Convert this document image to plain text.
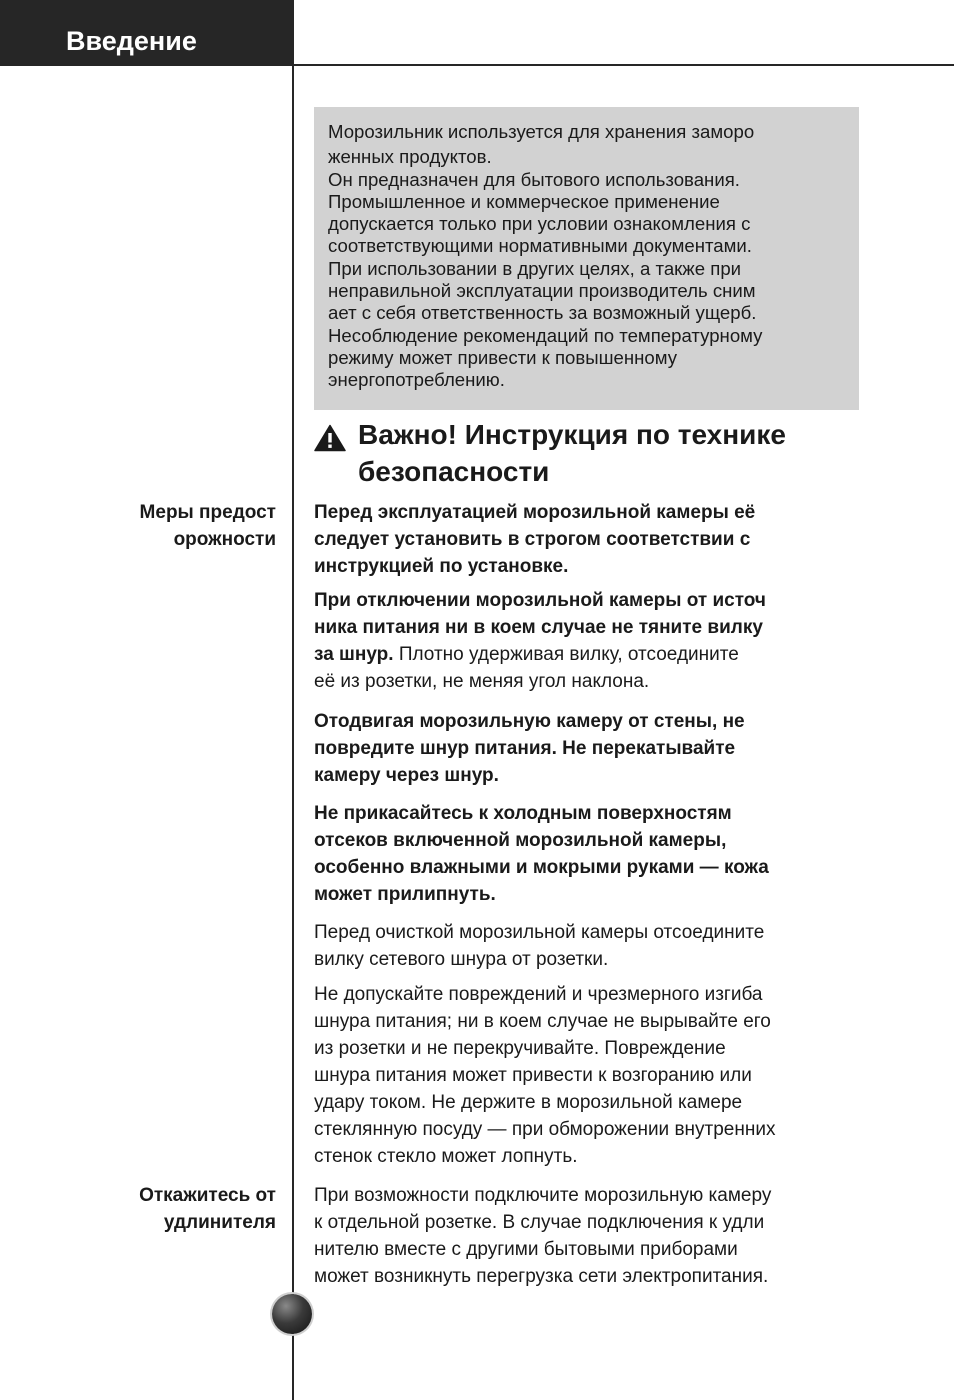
Введение
Морозильник используется для хранения заморо
женных продуктов.
Он предназначен для бытового использования.
Промышленное и коммерческое применение
допускается только при условии ознакомления с
соответствующими нормативными документами.
При использовании в других целях, а также при
неправильной эксплуатации производитель сним
ает с себя ответственность за возможный ущерб.
Несоблюдение рекомендаций по температурному
режиму может привести к повышенному
энергопотреблению.
Важно! Инструкция по технике
безопасности
Меры предост
орожности
Откажитесь от
удлинителя
Перед эксплуатацией морозильной камеры её
следует установить в строгом соответствии с
инструкцией по установке.
При отключении морозильной камеры от источ
ника питания ни в коем случае не тяните вилку
за шнур. Плотно удерживая вилку, отсоедините
её из розетки, не меняя угол наклона.
Отодвигая морозильную камеру от стены, не
повредите шнур питания. Не перекатывайте
камеру через шнур.
Не прикасайтесь к холодным поверхностям
отсеков включенной морозильной камеры,
особенно влажными и мокрыми руками — кожа
может прилипнуть.
Перед очисткой морозильной камеры отсоедините
вилку сетевого шнура от розетки.
Не допускайте повреждений и чрезмерного изгиба
шнура питания; ни в коем случае не вырывайте его
из розетки и не перекручивайте. Повреждение
шнура питания может привести к возгоранию или
удару током. Не держите в морозильной камере
стеклянную посуду — при обморожении внутренних
стенок стекло может лопнуть.
При возможности подключите морозильную камеру
к отдельной розетке. В случае подключения к удли
нителю вместе с другими бытовыми приборами
может возникнуть перегрузка сети электропитания.
